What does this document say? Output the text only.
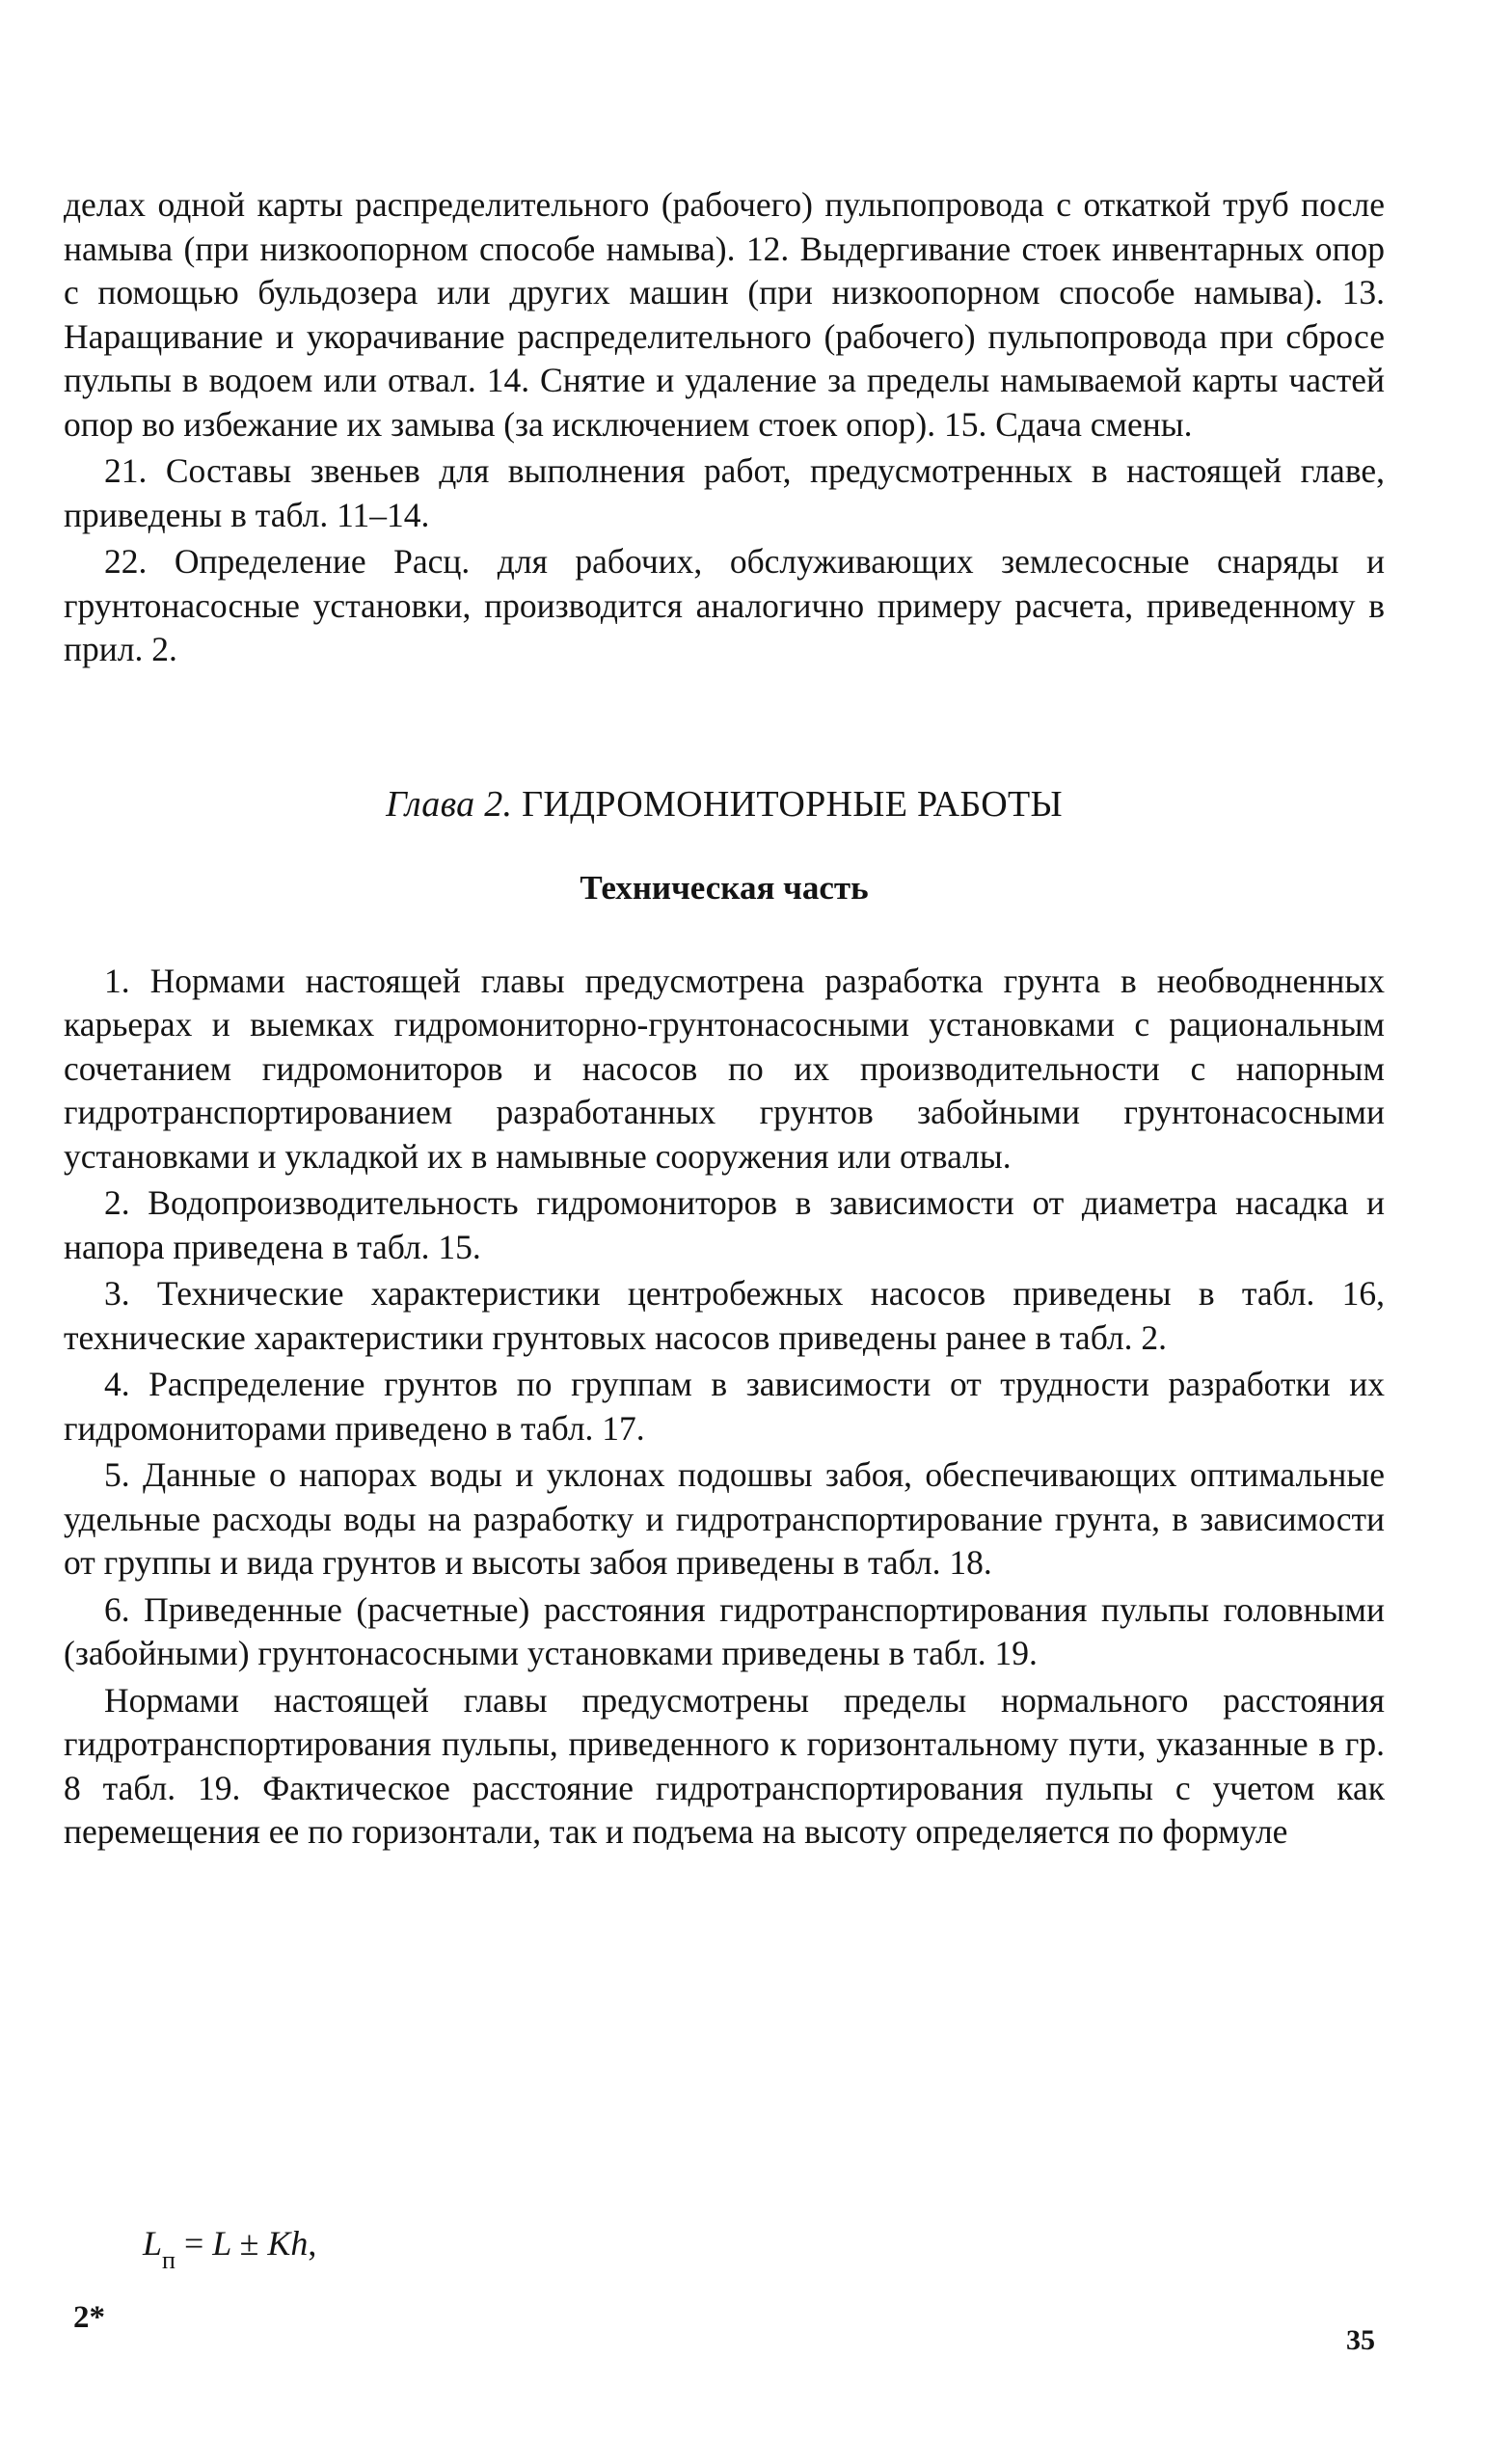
делах одной карты распределительного (рабочего) пульпопровода с откаткой труб после намыва (при низкоопорном способе намыва). 12. Выдергивание стоек инвентарных опор с помощью бульдозера или других машин (при низкоопорном способе намыва). 13. Наращивание и укорачивание распределительного (рабочего) пульпопровода при сбросе пульпы в водоем или отвал. 14. Снятие и удаление за пределы намываемой карты частей опор во избежание их замыва (за исключением стоек опор). 15. Сдача смены.

21. Составы звеньев для выполнения работ, предусмотренных в настоящей главе, приведены в табл. 11–14.

22. Определение Расц. для рабочих, обслуживающих землесосные снаряды и грунтонасосные установки, производится аналогично примеру расчета, приведенному в прил. 2.

Глава 2. ГИДРОМОНИТОРНЫЕ РАБОТЫ
Техническая часть

1. Нормами настоящей главы предусмотрена разработка грунта в необводненных карьерах и выемках гидромониторно-грунтонасосными установками с рациональным сочетанием гидромониторов и насосов по их производительности с напорным гидротранспортированием разработанных грунтов забойными грунтонасосными установками и укладкой их в намывные сооружения или отвалы.

2. Водопроизводительность гидромониторов в зависимости от диаметра насадка и напора приведена в табл. 15.

3. Технические характеристики центробежных насосов приведены в табл. 16, технические характеристики грунтовых насосов приведены ранее в табл. 2.

4. Распределение грунтов по группам в зависимости от трудности разработки их гидромониторами приведено в табл. 17.

5. Данные о напорах воды и уклонах подошвы забоя, обеспечивающих оптимальные удельные расходы воды на разработку и гидротранспортирование грунта, в зависимости от группы и вида грунтов и высоты забоя приведены в табл. 18.

6. Приведенные (расчетные) расстояния гидротранспортирования пульпы головными (забойными) грунтонасосными установками приведены в табл. 19.

Нормами настоящей главы предусмотрены пределы нормального расстояния гидротранспортирования пульпы, приведенного к горизонтальному пути, указанные в гр. 8 табл. 19. Фактическое расстояние гидротранспортирования пульпы с учетом как перемещения ее по горизонтали, так и подъема на высоту определяется по формуле

$L_п = L \pm Kh$,
2*
35
